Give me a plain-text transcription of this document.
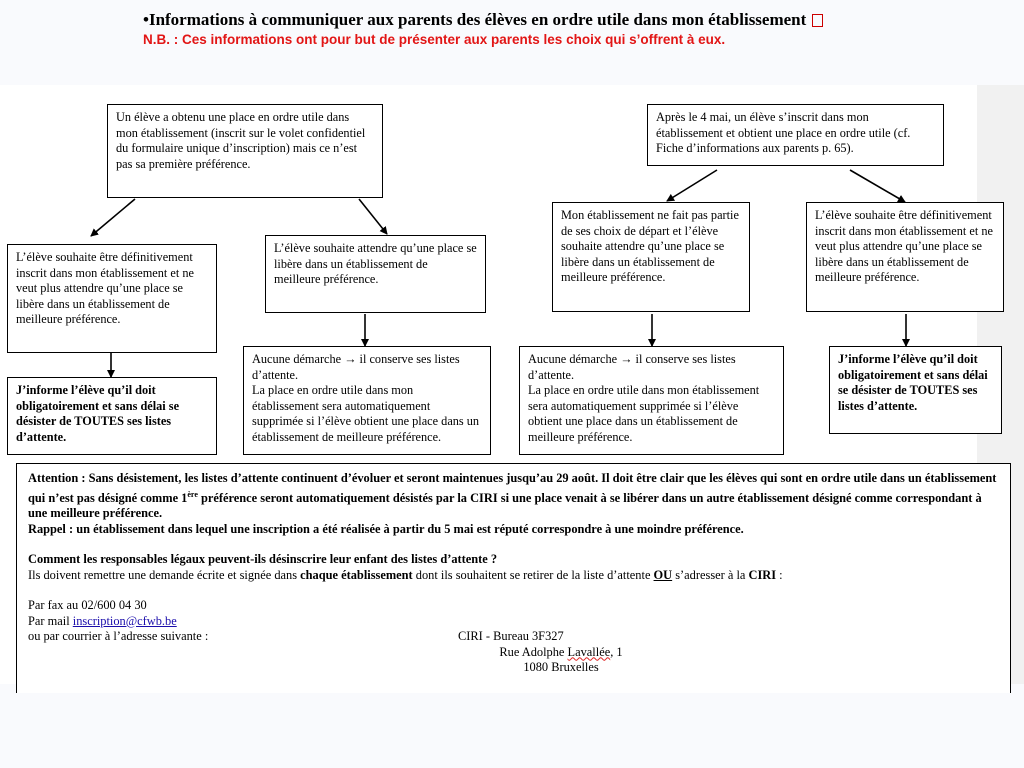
•Informations à communiquer aux parents des élèves en ordre utile dans mon établissement
N.B. : Ces informations ont pour but de présenter aux parents les choix qui s’offrent à eux.
Un élève a obtenu une place en ordre utile dans mon établissement (inscrit sur le volet confidentiel du formulaire unique d’inscription) mais ce n’est pas sa première préférence.
L’élève souhaite être définitivement inscrit dans mon établissement et ne veut plus attendre qu’une place se libère dans un établissement de meilleure préférence.
L’élève souhaite attendre qu’une place se libère dans un établissement de meilleure préférence.
J’informe l’élève qu’il doit obligatoirement et sans délai se désister de TOUTES ses listes d’attente.
Aucune démarche → il conserve ses listes d’attente.
La place en ordre utile dans mon établissement sera automatiquement supprimée si l’élève obtient une place dans un établissement de meilleure préférence.
Après le 4 mai, un élève s’inscrit dans mon établissement et obtient une place en ordre utile (cf. Fiche d’informations aux parents p. 65).
Mon établissement ne fait pas partie de ses choix de départ et l’élève souhaite attendre qu’une place se libère dans un établissement de meilleure préférence.
L’élève souhaite être définitivement inscrit dans mon établissement et ne veut plus attendre qu’une place se libère dans un établissement de meilleure préférence.
Aucune démarche → il conserve ses listes d’attente.
La place en ordre utile dans mon établissement sera automatiquement supprimée si l’élève obtient une place dans un établissement de meilleure préférence.
J’informe l’élève qu’il doit obligatoirement et sans délai se désister de TOUTES ses listes d’attente.

Attention : Sans désistement, les listes d’attente continuent d’évoluer et seront maintenues jusqu’au 29 août. Il doit être clair que les élèves qui sont en ordre utile dans un établissement qui n’est pas désigné comme 1ère préférence seront automatiquement désistés par la CIRI si une place venait à se libérer dans un autre établissement désigné comme correspondant à une meilleure préférence.

Rappel : un établissement dans lequel une inscription a été réalisée à partir du 5 mai est réputé correspondre à une moindre préférence.

Comment les responsables légaux peuvent-ils désinscrire leur enfant des listes d’attente ?

Ils doivent remettre une demande écrite et signée dans chaque établissement dont ils souhaitent se retirer de la liste d’attente OU s’adresser à la CIRI :

Par fax au 02/600 04 30

Par mail inscription@cfwb.be

ou par courrier à l’adresse suivante :	CIRI - Bureau 3F327

Rue Adolphe Lavallée, 1

1080 Bruxelles
